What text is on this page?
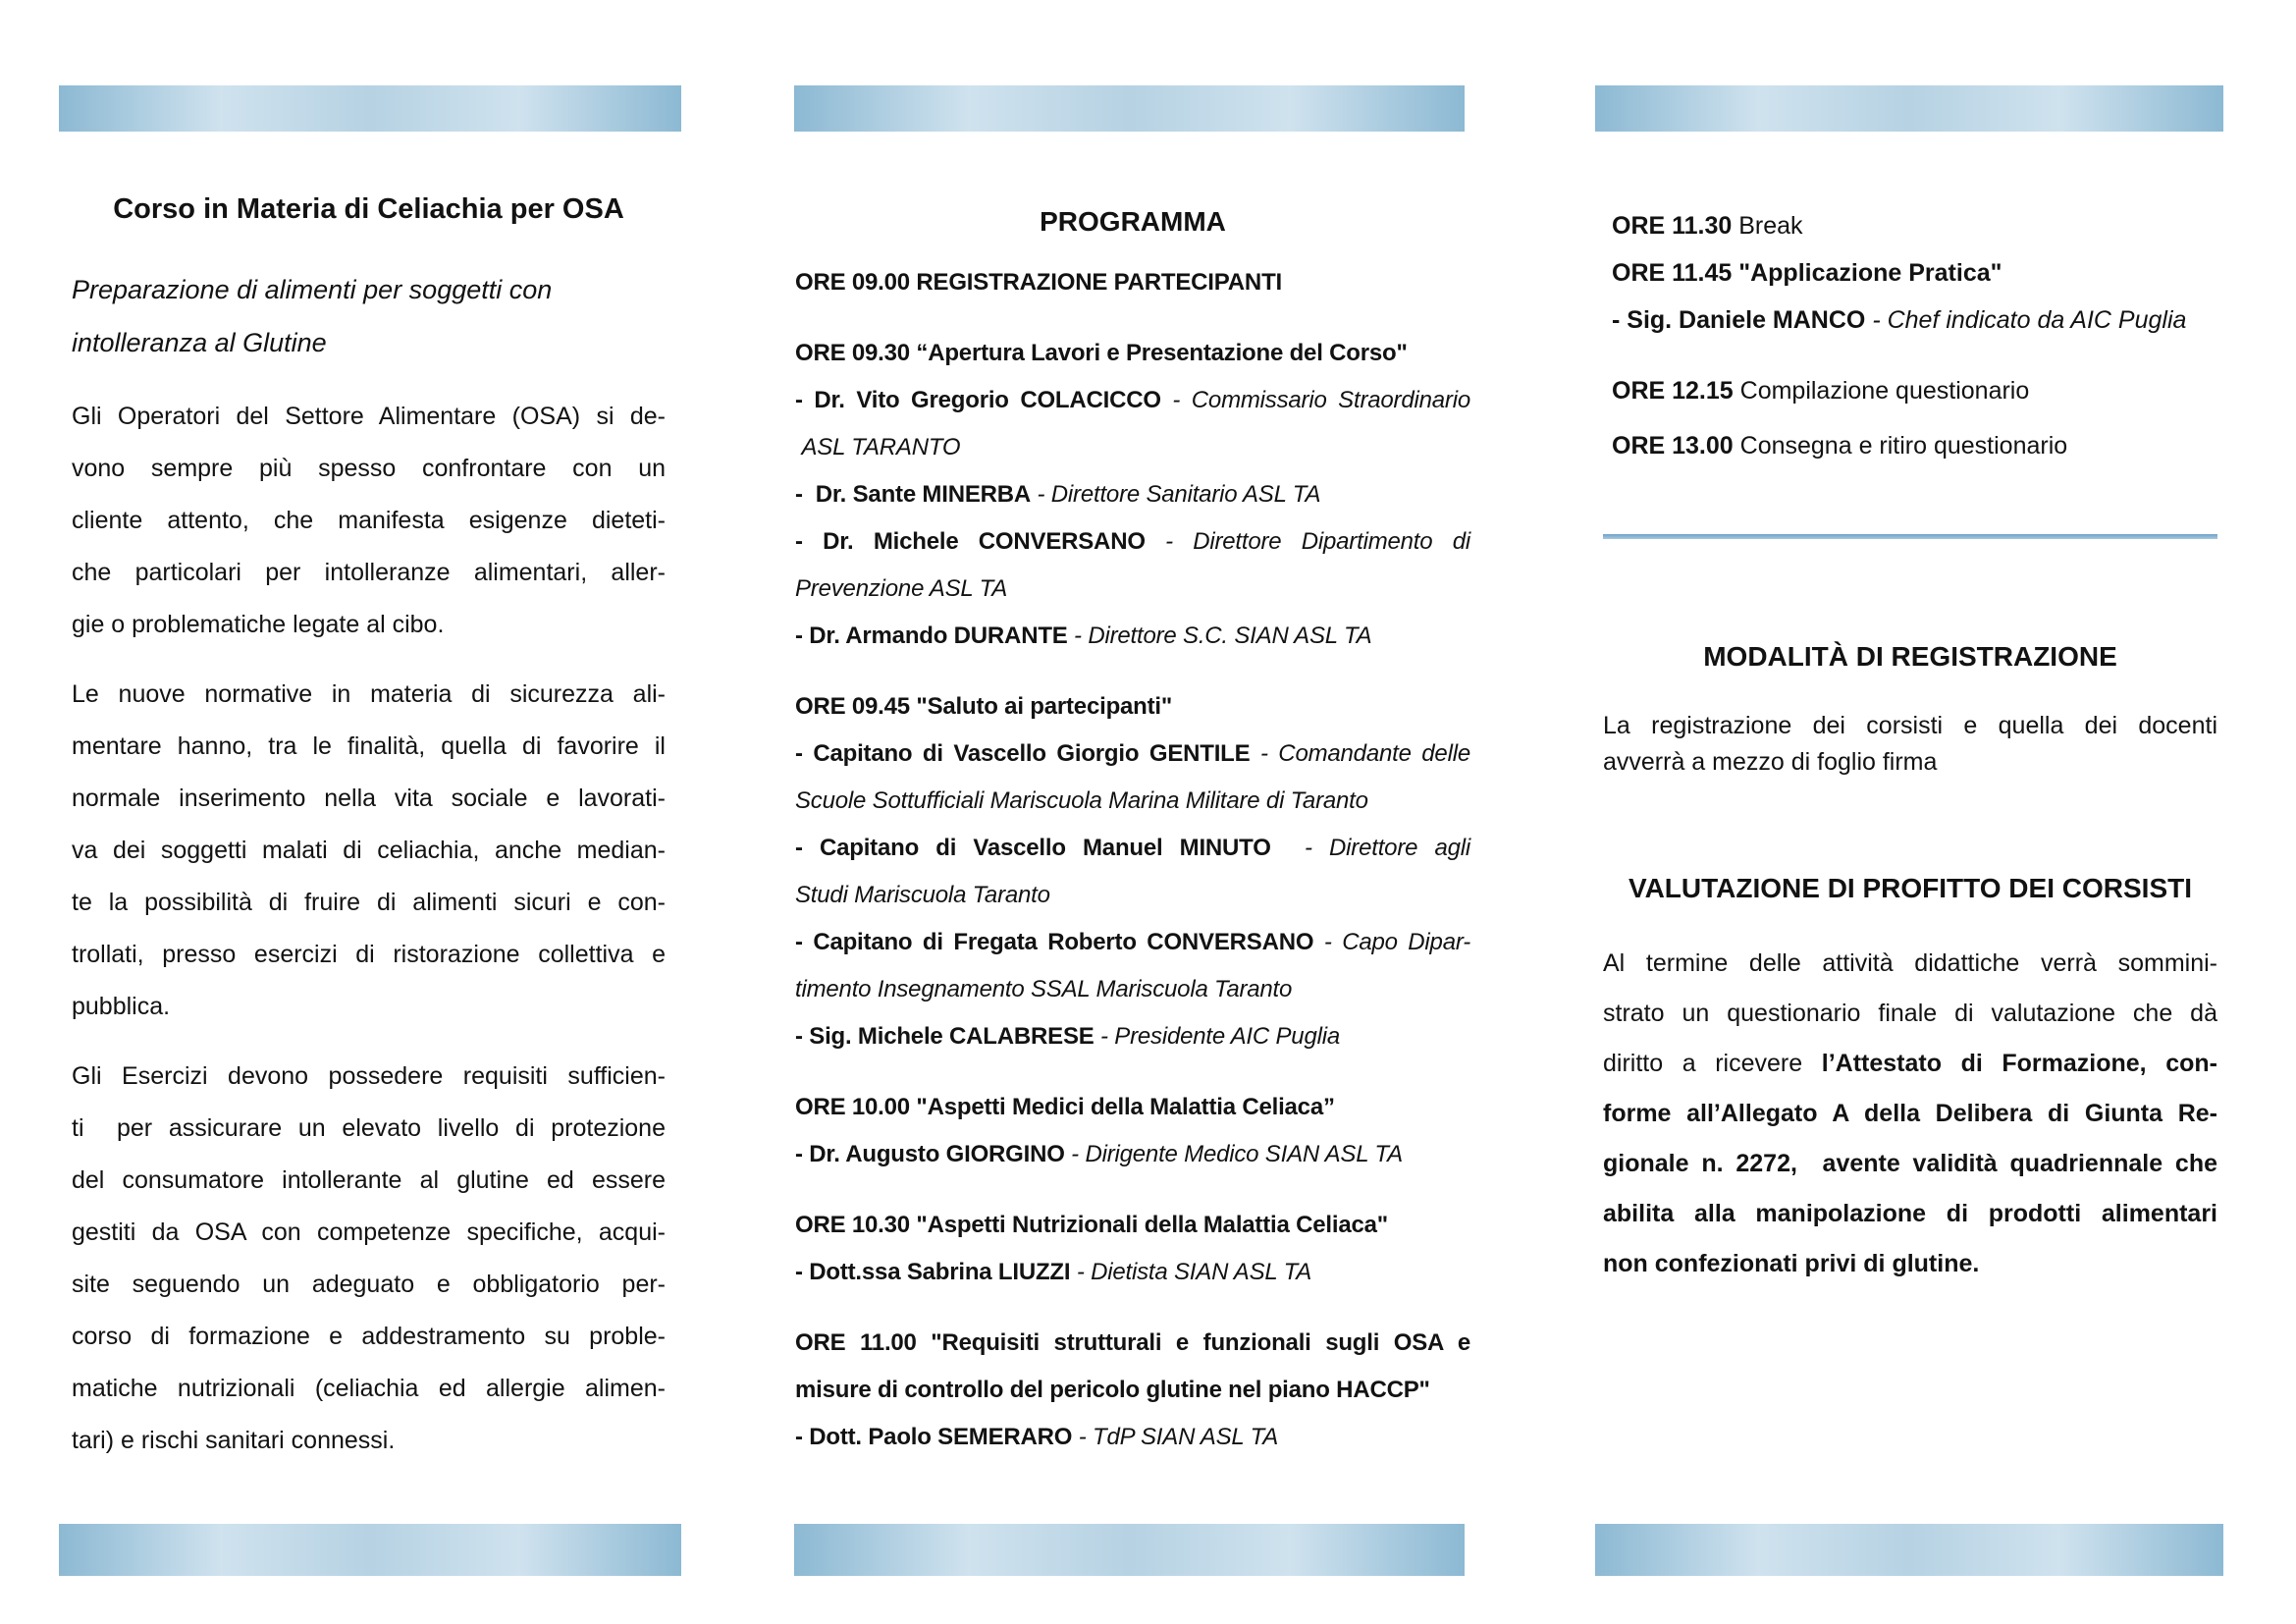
Corso in Materia di Celiachia per OSA
Preparazione di alimenti per soggetti con
intolleranza al Glutine
Gli Operatori del Settore Alimentare (OSA) si de-
vono sempre più spesso confrontare con un
cliente attento, che manifesta esigenze dieteti-
che particolari per intolleranze alimentari, aller-
gie o problematiche legate al cibo.
Le nuove normative in materia di sicurezza ali-
mentare hanno, tra le finalità, quella di favorire il
normale inserimento nella vita sociale e lavorati-
va dei soggetti malati di celiachia, anche median-
te la possibilità di fruire di alimenti sicuri e con-
trollati, presso esercizi di ristorazione collettiva e
pubblica.
Gli Esercizi devono possedere requisiti sufficien-
ti  per assicurare un elevato livello di protezione
del consumatore intollerante al glutine ed essere
gestiti da OSA con competenze specifiche, acqui-
site seguendo un adeguato e obbligatorio per-
corso di formazione e addestramento su proble-
matiche nutrizionali (celiachia ed allergie alimen-
tari) e rischi sanitari connessi.
PROGRAMMA
ORE 09.00 REGISTRAZIONE PARTECIPANTI
ORE 09.30 “Apertura Lavori e Presentazione del Corso"
- Dr. Vito Gregorio COLACICCO - Commissario Straordinario
ASL TARANTO
-  Dr. Sante MINERBA - Direttore Sanitario ASL TA
- Dr. Michele CONVERSANO - Direttore Dipartimento di
Prevenzione ASL TA
- Dr. Armando DURANTE - Direttore S.C. SIAN ASL TA
ORE 09.45 "Saluto ai partecipanti"
- Capitano di Vascello Giorgio GENTILE - Comandante delle
Scuole Sottufficiali Mariscuola Marina Militare di Taranto
- Capitano di Vascello Manuel MINUTO  - Direttore agli
Studi Mariscuola Taranto
- Capitano di Fregata Roberto CONVERSANO - Capo Dipar-
timento Insegnamento SSAL Mariscuola Taranto
- Sig. Michele CALABRESE - Presidente AIC Puglia
ORE 10.00 "Aspetti Medici della Malattia Celiaca”
- Dr. Augusto GIORGINO - Dirigente Medico SIAN ASL TA
ORE 10.30 "Aspetti Nutrizionali della Malattia Celiaca"
- Dott.ssa Sabrina LIUZZI - Dietista SIAN ASL TA
ORE 11.00 "Requisiti strutturali e funzionali sugli OSA e
misure di controllo del pericolo glutine nel piano HACCP"
- Dott. Paolo SEMERARO - TdP SIAN ASL TA
ORE 11.30 Break
ORE 11.45 "Applicazione Pratica"
- Sig. Daniele MANCO - Chef indicato da AIC Puglia
ORE 12.15 Compilazione questionario
ORE 13.00 Consegna e ritiro questionario
MODALITÀ DI REGISTRAZIONE
La registrazione dei corsisti e quella dei docenti
avverrà a mezzo di foglio firma
VALUTAZIONE DI PROFITTO DEI CORSISTI
Al termine delle attività didattiche verrà sommini-
strato un questionario finale di valutazione che dà
diritto a ricevere l’Attestato di Formazione, con-
forme all’Allegato A della Delibera di Giunta Re-
gionale n. 2272,  avente validità quadriennale che
abilita alla manipolazione di prodotti alimentari
non confezionati privi di glutine.
